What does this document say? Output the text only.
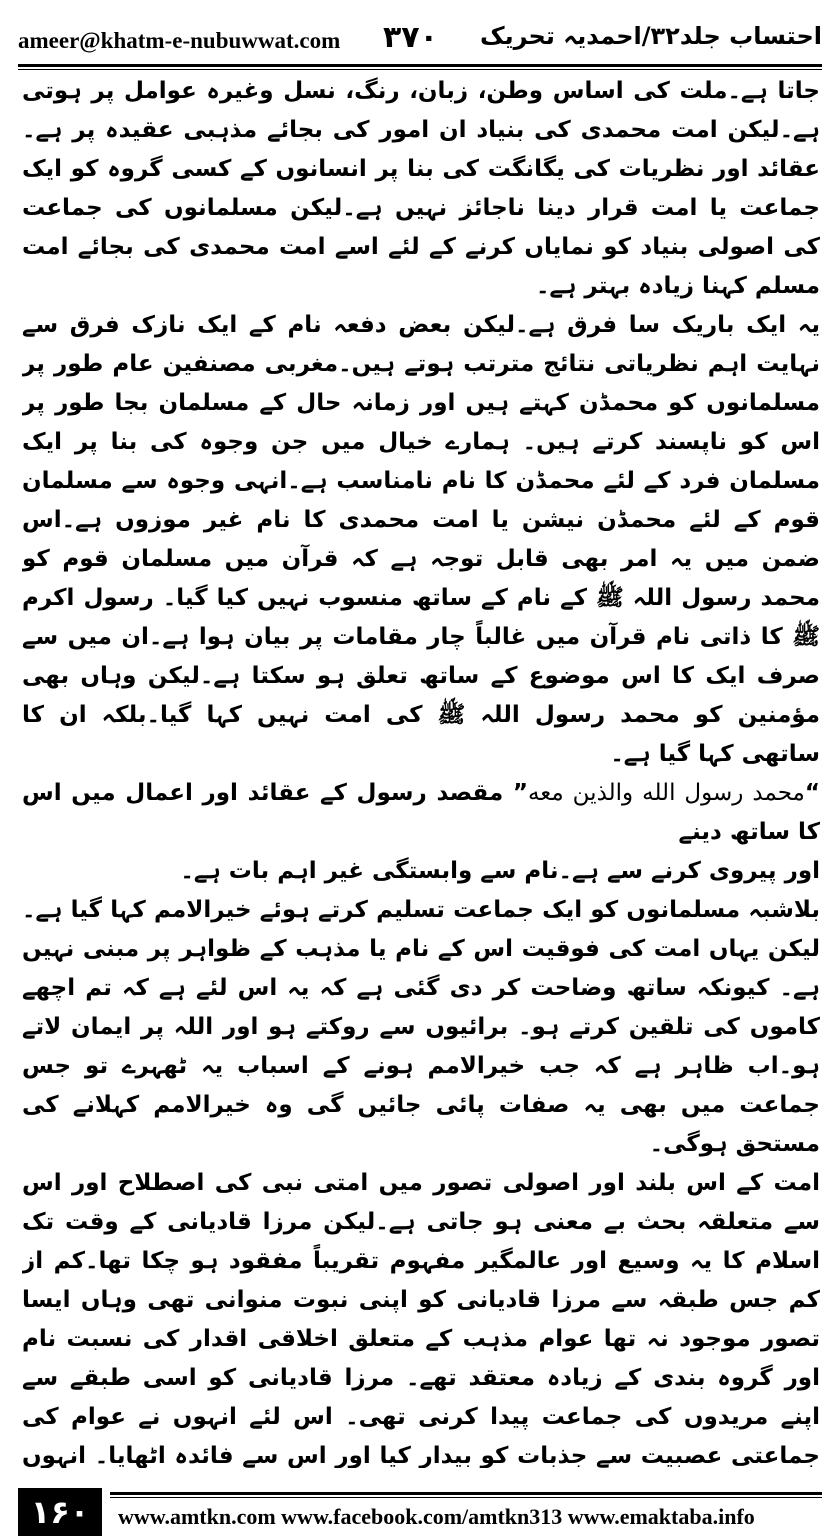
ameer@khatm-e-nubuwwat.com ۳۷۰ احتساب جلد۳۲/احمدیہ تحریک

جاتا ہے۔ملت کی اساس وطن، زبان، رنگ، نسل وغیرہ عوامل پر ہوتی ہے۔لیکن امت محمدی کی بنیاد ان امور کی بجائے مذہبی عقیدہ پر ہے۔عقائد اور نظریات کی یگانگت کی بنا پر انسانوں کے کسی گروہ کو ایک جماعت یا امت قرار دینا ناجائز نہیں ہے۔لیکن مسلمانوں کی جماعت کی اصولی بنیاد کو نمایاں کرنے کے لئے اسے امت محمدی کی بجائے امت مسلم کہنا زیادہ بہتر ہے۔

یہ ایک باریک سا فرق ہے۔لیکن بعض دفعہ نام کے ایک نازک فرق سے نہایت اہم نظریاتی نتائج مترتب ہوتے ہیں۔مغربی مصنفین عام طور پر مسلمانوں کو محمڈن کہتے ہیں اور زمانہ حال کے مسلمان بجا طور پر اس کو ناپسند کرتے ہیں۔ ہمارے خیال میں جن وجوہ کی بنا پر ایک مسلمان فرد کے لئے محمڈن کا نام نامناسب ہے۔انہی وجوہ سے مسلمان قوم کے لئے محمڈن نیشن یا امت محمدی کا نام غیر موزوں ہے۔اس ضمن میں یہ امر بھی قابل توجہ ہے کہ قرآن میں مسلمان قوم کو محمد رسول اللہ ﷺ کے نام کے ساتھ منسوب نہیں کیا گیا۔ رسول اکرم ﷺ کا ذاتی نام قرآن میں غالباً چار مقامات پر بیان ہوا ہے۔ان میں سے صرف ایک کا اس موضوع کے ساتھ تعلق ہو سکتا ہے۔لیکن وہاں بھی مؤمنین کو محمد رسول اللہ ﷺ کی امت نہیں کہا گیا۔بلکہ ان کا ساتھی کہا گیا ہے۔

“محمد رسول الله والذين معه” مقصد رسول کے عقائد اور اعمال میں اس کا ساتھ دینے

اور پیروی کرنے سے ہے۔نام سے وابستگی غیر اہم بات ہے۔

بلاشبہ مسلمانوں کو ایک جماعت تسلیم کرتے ہوئے خیرالامم کہا گیا ہے۔لیکن یہاں امت کی فوقیت اس کے نام یا مذہب کے ظواہر پر مبنی نہیں ہے۔ کیونکہ ساتھ وضاحت کر دی گئی ہے کہ یہ اس لئے ہے کہ تم اچھے کاموں کی تلقین کرتے ہو۔ برائیوں سے روکتے ہو اور اللہ پر ایمان لاتے ہو۔اب ظاہر ہے کہ جب خیرالامم ہونے کے اسباب یہ ٹھہرے تو جس جماعت میں بھی یہ صفات پائی جائیں گی وہ خیرالامم کہلانے کی مستحق ہوگی۔

امت کے اس بلند اور اصولی تصور میں امتی نبی کی اصطلاح اور اس سے متعلقہ بحث بے معنی ہو جاتی ہے۔لیکن مرزا قادیانی کے وقت تک اسلام کا یہ وسیع اور عالمگیر مفہوم تقریباً مفقود ہو چکا تھا۔کم از کم جس طبقہ سے مرزا قادیانی کو اپنی نبوت منوانی تھی وہاں ایسا تصور موجود نہ تھا عوام مذہب کے متعلق اخلاقی اقدار کی نسبت نام اور گروہ بندی کے زیادہ معتقد تھے۔ مرزا قادیانی کو اسی طبقے سے اپنے مریدوں کی جماعت پیدا کرنی تھی۔ اس لئے انہوں نے عوام کی جماعتی عصبیت سے جذبات کو بیدار کیا اور اس سے فائدہ اٹھایا۔ انہوں

۱۶۰	www.amtkn.com www.facebook.com/amtkn313 www.emaktaba.info
